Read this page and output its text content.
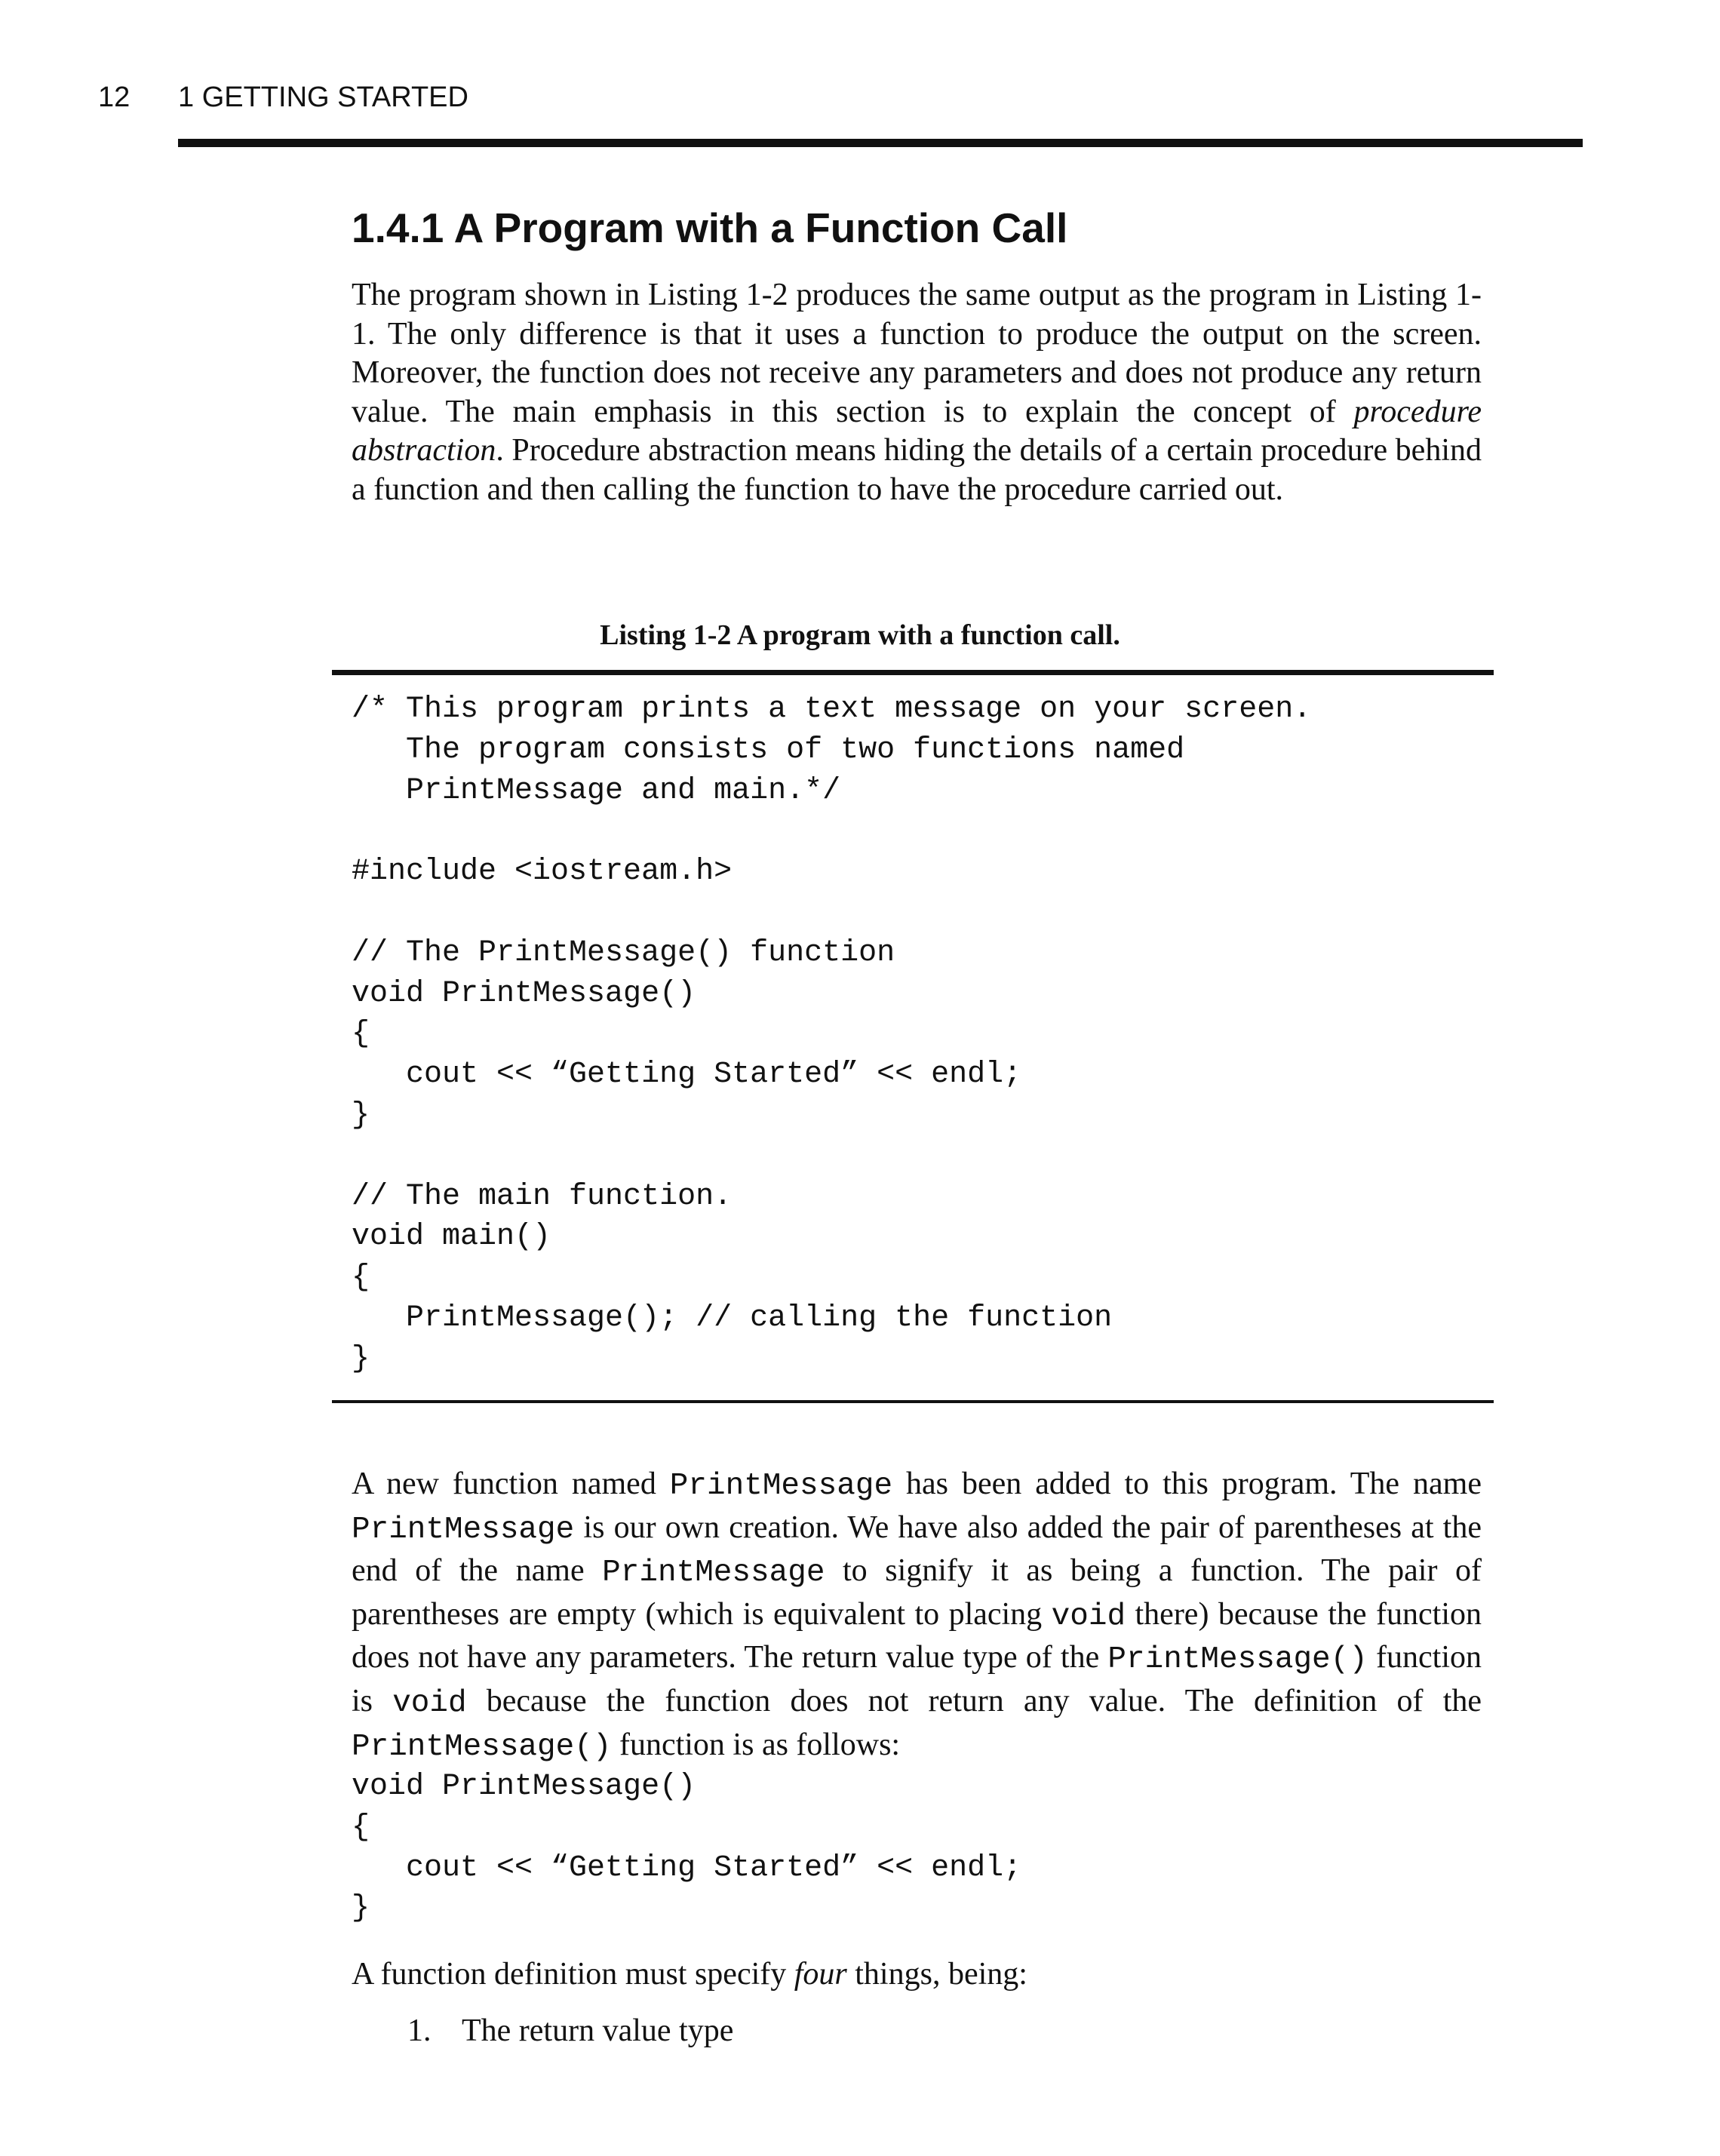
12 1 GETTING STARTED
1.4.1 A Program with a Function Call

The program shown in Listing 1-2 produces the same output as the program in Listing 1-1. The only difference is that it uses a function to produce the output on the screen. Moreover, the function does not receive any parameters and does not produce any return value. The main emphasis in this section is to explain the concept of procedure abstraction. Procedure abstraction means hiding the details of a certain procedure behind a function and then calling the function to have the procedure carried out.

Listing 1-2 A program with a function call.
/* This program prints a text message on your screen.
The program consists of two functions named
PrintMessage and main.*/

#include <iostream.h>

// The PrintMessage() function
void PrintMessage()
{
cout << “Getting Started” << endl;
}

// The main function.
void main()
{
PrintMessage(); // calling the function
}

A new function named PrintMessage has been added to this program. The name PrintMessage is our own creation. We have also added the pair of parentheses at the end of the name PrintMessage to signify it as being a function. The pair of parentheses are empty (which is equivalent to placing void there) because the function does not have any parameters. The return value type of the PrintMessage() function is void because the function does not return any value. The definition of the PrintMessage() function is as follows:

void PrintMessage()
{
cout << “Getting Started” << endl;
}

A function definition must specify four things, being:

1. The return value type
